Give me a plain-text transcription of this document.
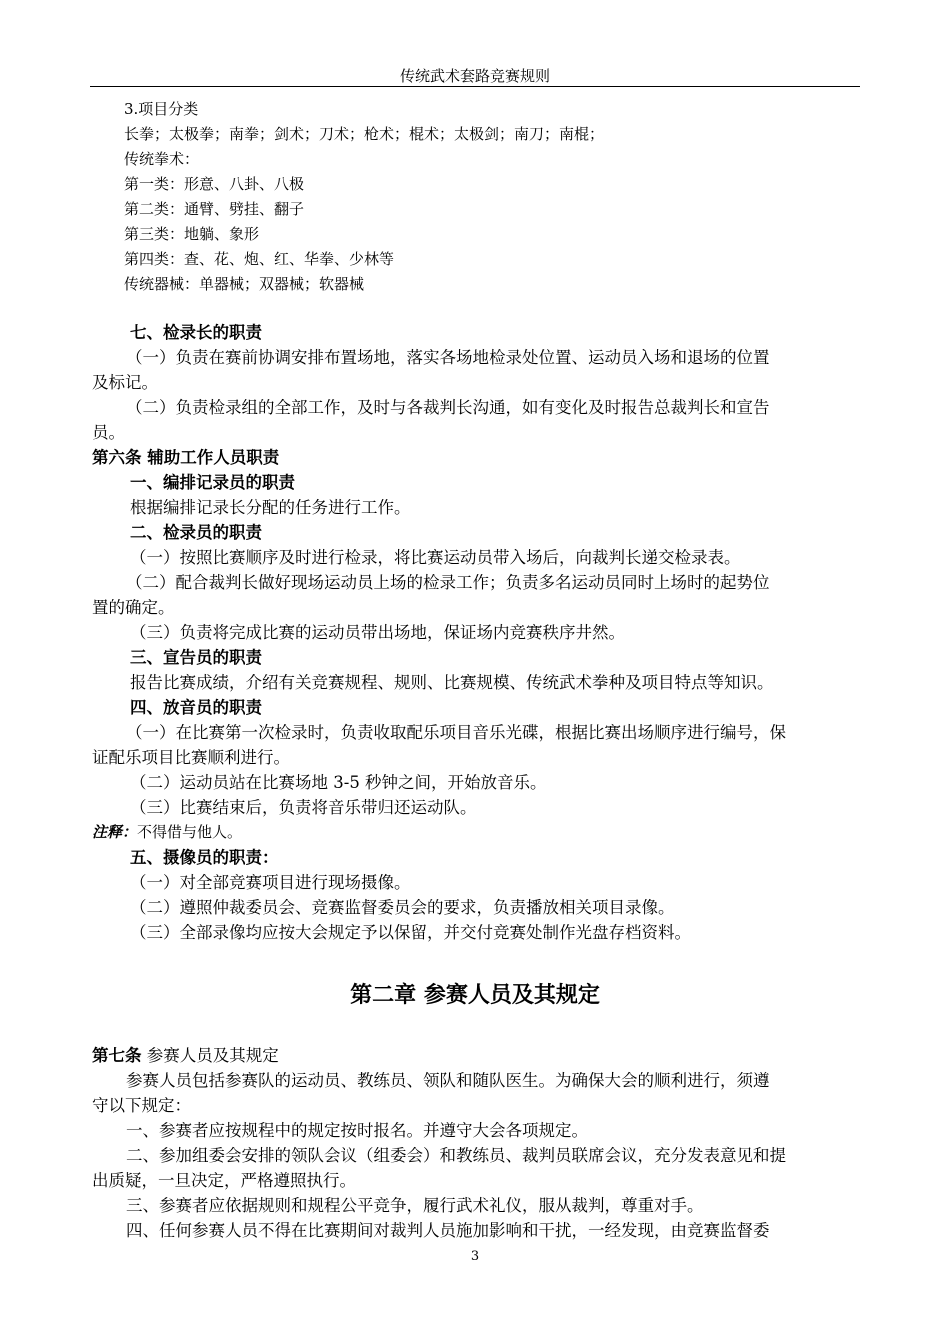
传统武术套路竞赛规则
3.项目分类
长拳；太极拳；南拳；剑术；刀术；枪术；棍术；太极剑；南刀；南棍；
传统拳术：
第一类：形意、八卦、八极
第二类：通臂、劈挂、翻子
第三类：地躺、象形
第四类：查、花、炮、红、华拳、少林等
传统器械：单器械；双器械；软器械
七、检录长的职责
（一）负责在赛前协调安排布置场地，落实各场地检录处位置、运动员入场和退场的位置
及标记。
（二）负责检录组的全部工作，及时与各裁判长沟通，如有变化及时报告总裁判长和宣告
员。
第六条 辅助工作人员职责
一、编排记录员的职责
根据编排记录长分配的任务进行工作。
二、检录员的职责
（一）按照比赛顺序及时进行检录，将比赛运动员带入场后，向裁判长递交检录表。
（二）配合裁判长做好现场运动员上场的检录工作；负责多名运动员同时上场时的起势位
置的确定。
（三）负责将完成比赛的运动员带出场地，保证场内竞赛秩序井然。
三、宣告员的职责
报告比赛成绩，介绍有关竞赛规程、规则、比赛规模、传统武术拳种及项目特点等知识。
四、放音员的职责
（一）在比赛第一次检录时，负责收取配乐项目音乐光碟，根据比赛出场顺序进行编号，保
证配乐项目比赛顺利进行。
（二）运动员站在比赛场地 3-5 秒钟之间，开始放音乐。
（三）比赛结束后，负责将音乐带归还运动队。
注释：不得借与他人。
五、摄像员的职责：
（一）对全部竞赛项目进行现场摄像。
（二）遵照仲裁委员会、竞赛监督委员会的要求，负责播放相关项目录像。
（三）全部录像均应按大会规定予以保留，并交付竞赛处制作光盘存档资料。
第二章 参赛人员及其规定
第七条 参赛人员及其规定
参赛人员包括参赛队的运动员、教练员、领队和随队医生。为确保大会的顺利进行，须遵
守以下规定：
一、参赛者应按规程中的规定按时报名。并遵守大会各项规定。
二、参加组委会安排的领队会议（组委会）和教练员、裁判员联席会议，充分发表意见和提
出质疑，一旦决定，严格遵照执行。
三、参赛者应依据规则和规程公平竞争，履行武术礼仪，服从裁判，尊重对手。
四、任何参赛人员不得在比赛期间对裁判人员施加影响和干扰，一经发现，由竞赛监督委
3
